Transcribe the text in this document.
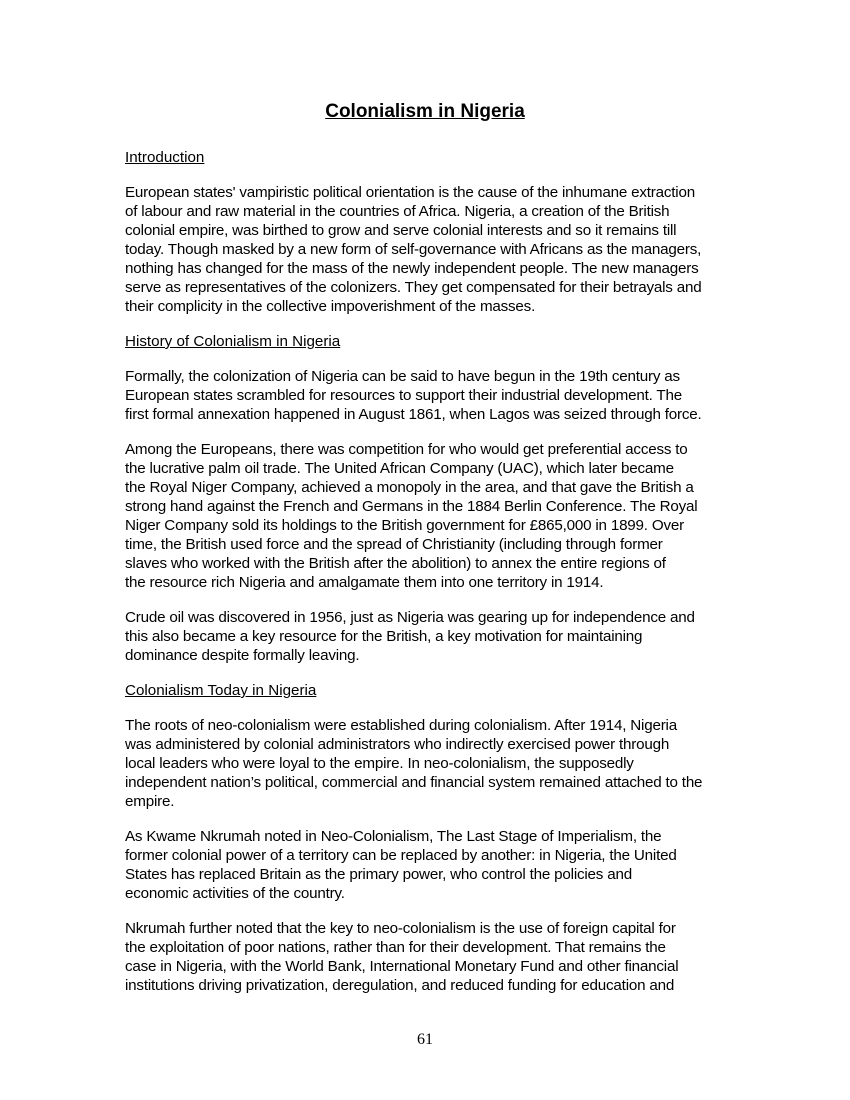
Colonialism in Nigeria
Introduction
European states' vampiristic political orientation is the cause of the inhumane extraction
of labour and raw material in the countries of Africa. Nigeria, a creation of the British
colonial empire, was birthed to grow and serve colonial interests and so it remains till
today. Though masked by a new form of self-governance with Africans as the managers,
nothing has changed for the mass of the newly independent people. The new managers
serve as representatives of the colonizers. They get compensated for their betrayals and
their complicity in the collective impoverishment of the masses.
History of Colonialism in Nigeria
Formally, the colonization of Nigeria can be said to have begun in the 19th century as
European states scrambled for resources to support their industrial development. The
first formal annexation happened in August 1861, when Lagos was seized through force.
Among the Europeans, there was competition for who would get preferential access to
the lucrative palm oil trade. The United African Company (UAC), which later became
the Royal Niger Company, achieved a monopoly in the area, and that gave the British a
strong hand against the French and Germans in the 1884 Berlin Conference. The Royal
Niger Company sold its holdings to the British government for £865,000 in 1899. Over
time, the British used force and the spread of Christianity (including through former
slaves who worked with the British after the abolition) to annex the entire regions of
the resource rich Nigeria and amalgamate them into one territory in 1914.
Crude oil was discovered in 1956, just as Nigeria was gearing up for independence and
this also became a key resource for the British, a key motivation for maintaining
dominance despite formally leaving.
Colonialism Today in Nigeria
The roots of neo-colonialism were established during colonialism. After 1914, Nigeria
was administered by colonial administrators who indirectly exercised power through
local leaders who were loyal to the empire. In neo-colonialism, the supposedly
independent nation’s political, commercial and financial system remained attached to the
empire.
As Kwame Nkrumah noted in Neo-Colonialism, The Last Stage of Imperialism, the
former colonial power of a territory can be replaced by another: in Nigeria, the United
States has replaced Britain as the primary power, who control the policies and
economic activities of the country.
Nkrumah further noted that the key to neo-colonialism is the use of foreign capital for
the exploitation of poor nations, rather than for their development. That remains the
case in Nigeria, with the World Bank, International Monetary Fund and other financial
institutions driving privatization, deregulation, and reduced funding for education and
61
